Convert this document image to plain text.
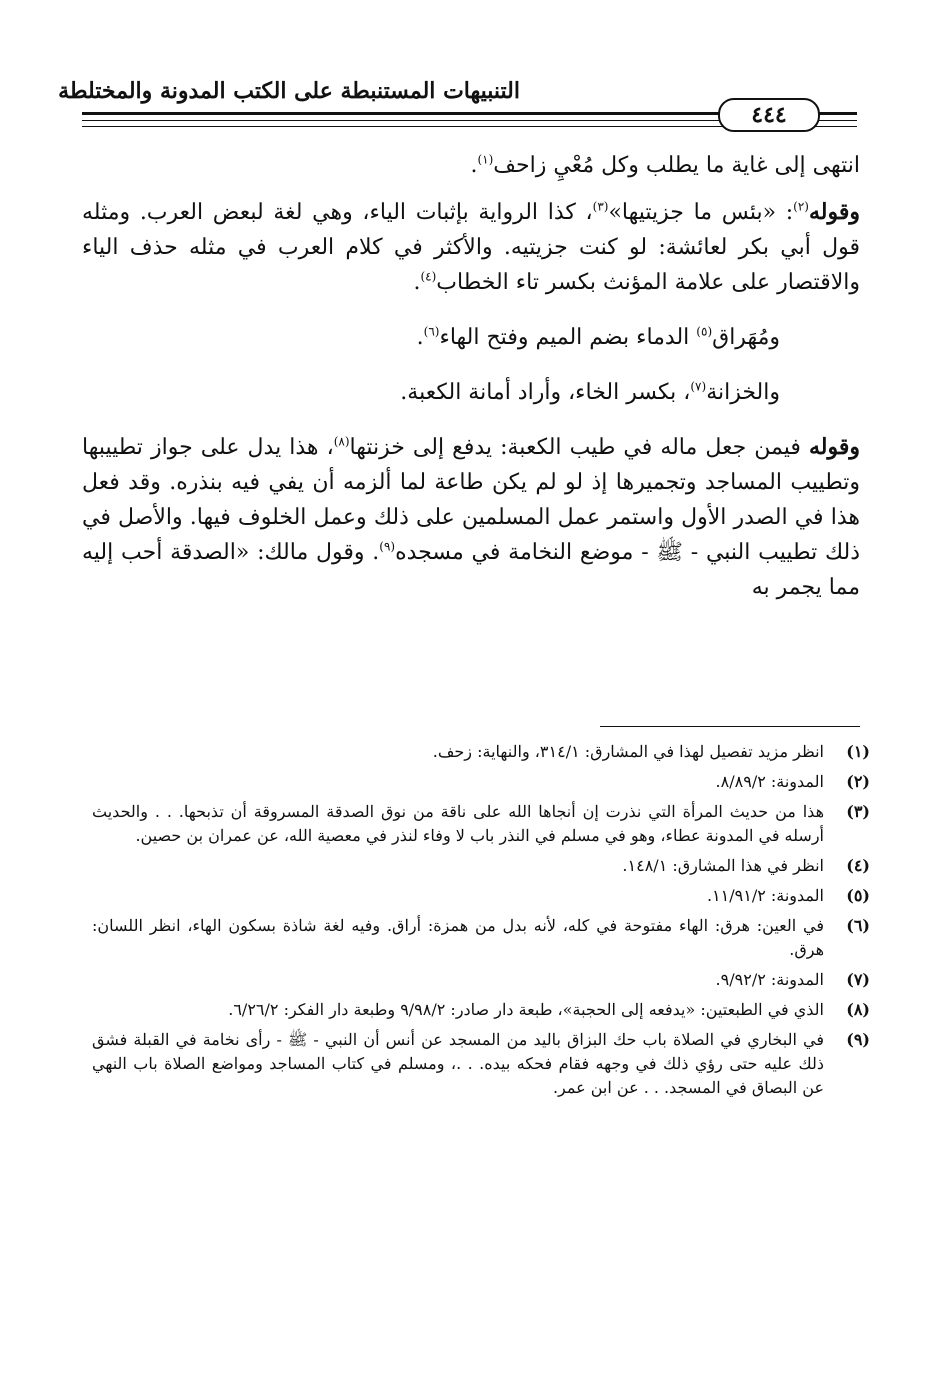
التنبيهات المستنبطة على الكتب المدونة والمختلطة
٤٤٤

انتهى إلى غاية ما يطلب وكل مُعْيِ زاحف$^{(١)}$.

وقوله$^{(٢)}$: «بئس ما جزيتيها»$^{(٣)}$، كذا الرواية بإثبات الياء، وهي لغة لبعض العرب. ومثله قول أبي بكر لعائشة: لو كنت جزيتيه. والأكثر في كلام العرب في مثله حذف الياء والاقتصار على علامة المؤنث بكسر تاء الخطاب$^{(٤)}$.

ومُهَراق$^{(٥)}$ الدماء بضم الميم وفتح الهاء$^{(٦)}$.

والخزانة$^{(٧)}$، بكسر الخاء، وأراد أمانة الكعبة.

وقوله فيمن جعل ماله في طيب الكعبة: يدفع إلى خزنتها$^{(٨)}$، هذا يدل على جواز تطييبها وتطييب المساجد وتجميرها إذ لو لم يكن طاعة لما ألزمه أن يفي فيه بنذره. وقد فعل هذا في الصدر الأول واستمر عمل المسلمين على ذلك وعمل الخلوف فيها. والأصل في ذلك تطييب النبي - ﷺ - موضع النخامة في مسجده$^{(٩)}$. وقول مالك: «الصدقة أحب إليه مما يجمر به

(١)
انظر مزيد تفصيل لهذا في المشارق: ٣١٤/١، والنهاية: زحف.
(٢)
المدونة: ٨/٨٩/٢.
(٣)
هذا من حديث المرأة التي نذرت إن أنجاها الله على ناقة من نوق الصدقة المسروقة أن تذبحها. . . والحديث أرسله في المدونة عطاء، وهو في مسلم في النذر باب لا وفاء لنذر في معصية الله، عن عمران بن حصين.
(٤)
انظر في هذا المشارق: ١٤٨/١.
(٥)
المدونة: ١١/٩١/٢.
(٦)
في العين: هرق: الهاء مفتوحة في كله، لأنه بدل من همزة: أراق. وفيه لغة شاذة بسكون الهاء، انظر اللسان: هرق.
(٧)
المدونة: ٩/٩٢/٢.
(٨)
الذي في الطبعتين: «يدفعه إلى الحجبة»، طبعة دار صادر: ٩/٩٨/٢ وطبعة دار الفكر: ٦/٢٦/٢.
(٩)
في البخاري في الصلاة باب حك البزاق باليد من المسجد عن أنس أن النبي - ﷺ - رأى نخامة في القبلة فشق ذلك عليه حتى رؤي ذلك في وجهه فقام فحكه بيده. . .، ومسلم في كتاب المساجد ومواضع الصلاة باب النهي عن البصاق في المسجد. . . عن ابن عمر.
